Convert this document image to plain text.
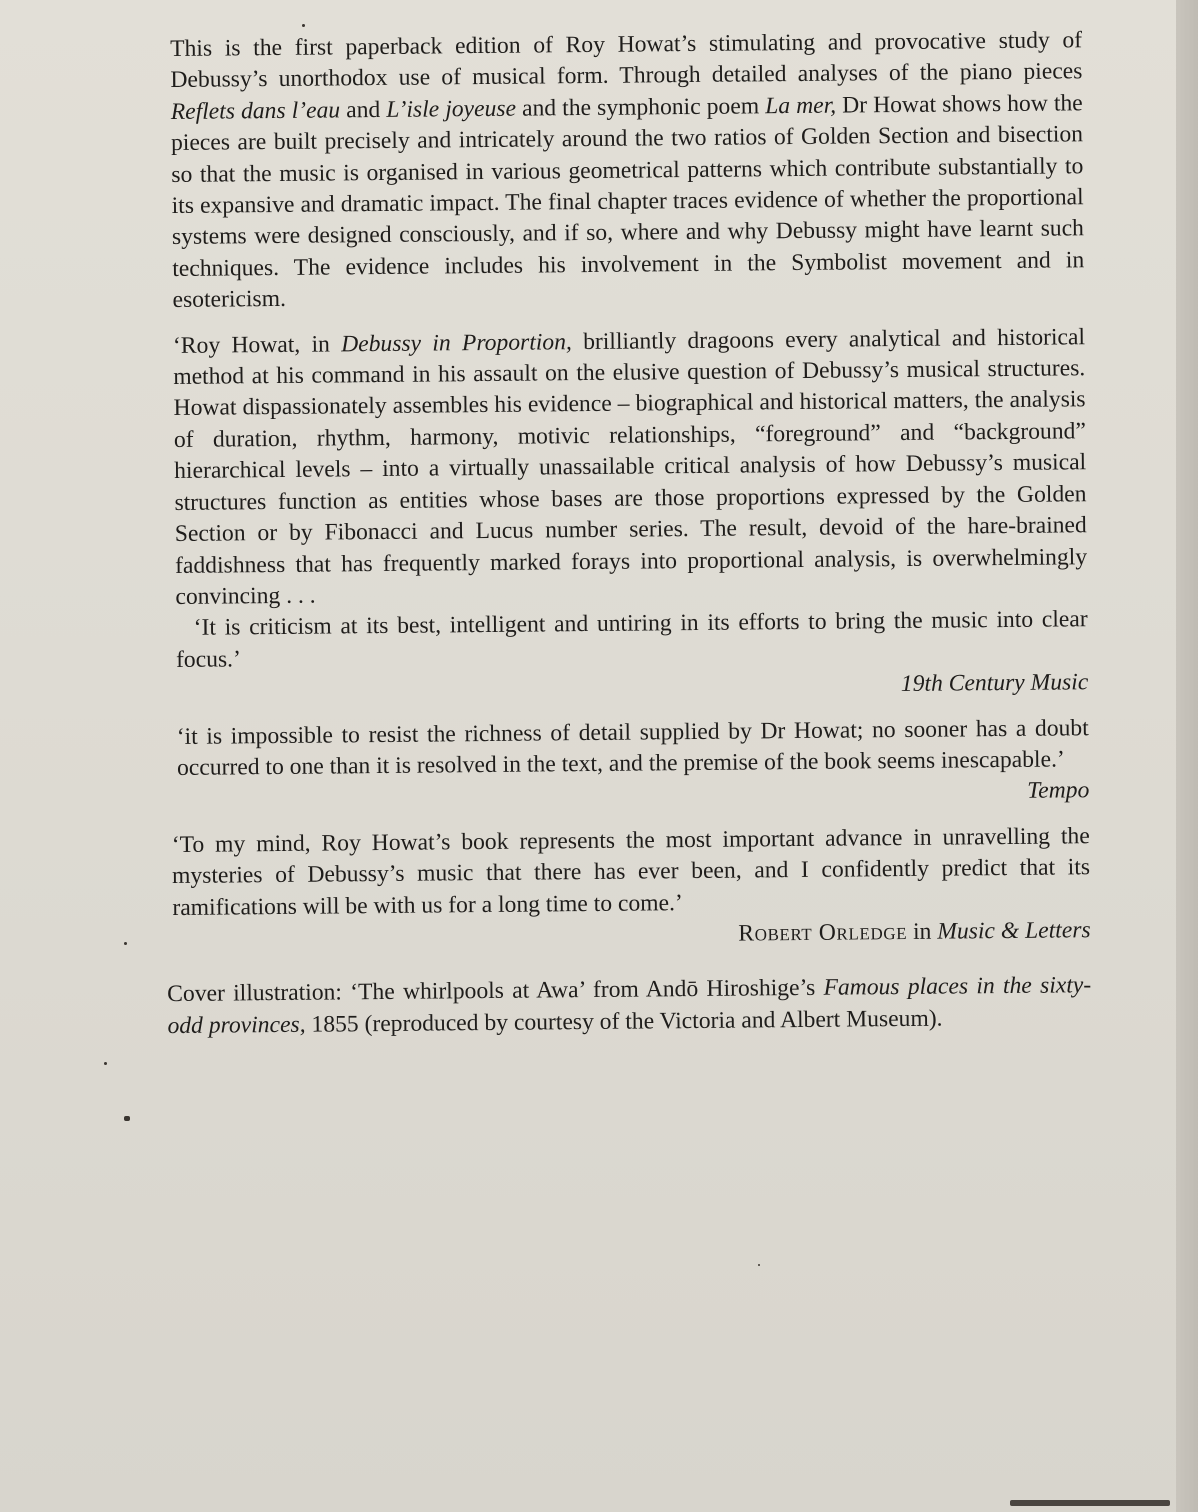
This is the first paperback edition of Roy Howat’s stimulating and provocative study of Debussy’s unorthodox use of musical form. Through detailed analyses of the piano pieces Reflets dans l’eau and L’isle joyeuse and the symphonic poem La mer, Dr Howat shows how the pieces are built precisely and intricately around the two ratios of Golden Section and bisection so that the music is organised in various geometrical patterns which contribute substantially to its expansive and dramatic impact. The final chapter traces evidence of whether the proportional systems were designed consciously, and if so, where and why Debussy might have learnt such techniques. The evidence includes his involvement in the Symbolist movement and in esotericism.

‘Roy Howat, in Debussy in Proportion, brilliantly dragoons every analytical and historical method at his command in his assault on the elusive question of Debussy’s musical structures. Howat dispassionately assembles his evidence – biographical and historical matters, the analysis of duration, rhythm, harmony, motivic relationships, “foreground” and “background” hierarchical levels – into a virtually unassailable critical analysis of how Debussy’s musical structures function as entities whose bases are those proportions expressed by the Golden Section or by Fibonacci and Lucus number series. The result, devoid of the hare-brained faddishness that has frequently marked forays into proportional analysis, is overwhelmingly convincing . . .

‘It is criticism at its best, intelligent and untiring in its efforts to bring the music into clear focus.’

19th Century Music

‘it is impossible to resist the richness of detail supplied by Dr Howat; no sooner has a doubt occurred to one than it is resolved in the text, and the premise of the book seems inescapable.’

Tempo

‘To my mind, Roy Howat’s book represents the most important advance in unravelling the mysteries of Debussy’s music that there has ever been, and I confidently predict that its ramifications will be with us for a long time to come.’

Robert Orledge in Music & Letters

Cover illustration: ‘The whirlpools at Awa’ from Andō Hiroshige’s Famous places in the sixty-odd provinces, 1855 (reproduced by courtesy of the Victoria and Albert Museum).
